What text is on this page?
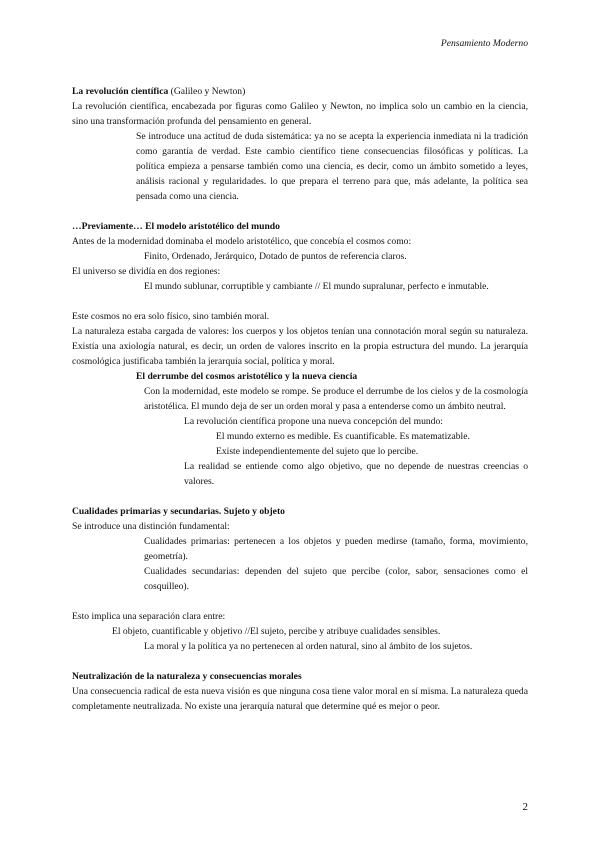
Pensamiento Moderno

La revolución científica (Galileo y Newton)

La revolución científica, encabezada por figuras como Galileo y Newton, no implica solo un cambio en la ciencia, sino una transformación profunda del pensamiento en general.

Se introduce una actitud de duda sistemática: ya no se acepta la experiencia inmediata ni la tradición como garantía de verdad. Este cambio científico tiene consecuencias filosóficas y políticas. La política empieza a pensarse también como una ciencia, es decir, como un ámbito sometido a leyes, análisis racional y regularidades. lo que prepara el terreno para que, más adelante, la política sea pensada como una ciencia.

…Previamente… El modelo aristotélico del mundo

Antes de la modernidad dominaba el modelo aristotélico, que concebía el cosmos como:

Finito, Ordenado, Jerárquico, Dotado de puntos de referencia claros.

El universo se dividía en dos regiones:

El mundo sublunar, corruptible y cambiante // El mundo supralunar, perfecto e inmutable.

Este cosmos no era solo físico, sino también moral.

La naturaleza estaba cargada de valores: los cuerpos y los objetos tenían una connotación moral según su naturaleza. Existía una axiología natural, es decir, un orden de valores inscrito en la propia estructura del mundo. La jerarquía cosmológica justificaba también la jerarquía social, política y moral.

El derrumbe del cosmos aristotélico y la nueva ciencia

Con la modernidad, este modelo se rompe. Se produce el derrumbe de los cielos y de la cosmología aristotélica. El mundo deja de ser un orden moral y pasa a entenderse como un ámbito neutral.

La revolución científica propone una nueva concepción del mundo:

El mundo externo es medible. Es cuantificable. Es matematizable.

Existe independientemente del sujeto que lo percibe.

La realidad se entiende como algo objetivo, que no depende de nuestras creencias o valores.

Cualidades primarias y secundarias. Sujeto y objeto

Se introduce una distinción fundamental:

Cualidades primarias: pertenecen a los objetos y pueden medirse (tamaño, forma, movimiento, geometría).

Cualidades secundarias: dependen del sujeto que percibe (color, sabor, sensaciones como el cosquilleo).

Esto implica una separación clara entre:

El objeto, cuantificable y objetivo //El sujeto, percibe y atribuye cualidades sensibles.

La moral y la política ya no pertenecen al orden natural, sino al ámbito de los sujetos.

Neutralización de la naturaleza y consecuencias morales

Una consecuencia radical de esta nueva visión es que ninguna cosa tiene valor moral en sí misma. La naturaleza queda completamente neutralizada. No existe una jerarquía natural que determine qué es mejor o peor.

2
